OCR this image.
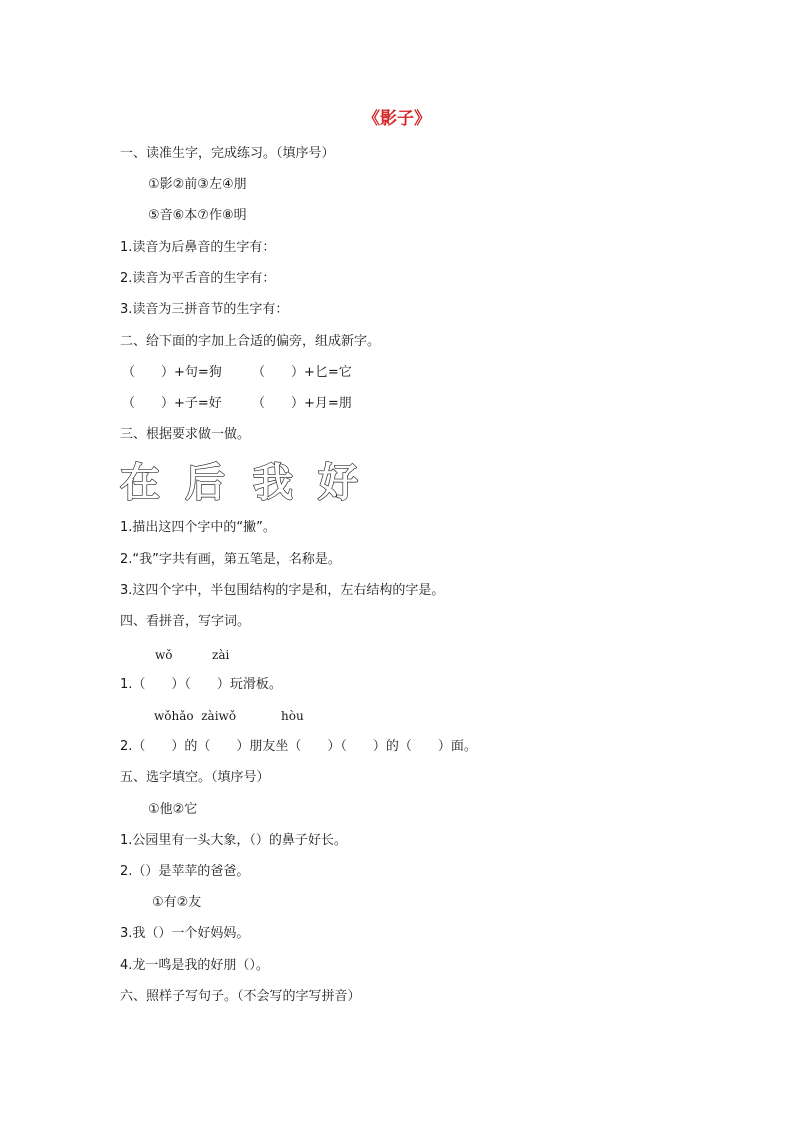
《影子》
一、读准生字，完成练习。（填序号）
①影②前③左④朋
⑤音⑥本⑦作⑧明
1.读音为后鼻音的生字有：
2.读音为平舌音的生字有：
3.读音为三拼音节的生字有：
二、给下面的字加上合适的偏旁，组成新字。
（　　）+句=狗 （　　）+匕=它
（　　）+子=好 （　　）+月=朋
三、根据要求做一做。
在 后 我 好
1.描出这四个字中的“撇”。
2.“我”字共有画，第五笔是，名称是。
3.这四个字中，半包围结构的字是和，左右结构的字是。
四、看拼音，写字词。
wǒ	zài
1.（　　）（　　）玩滑板。
wǒhǎo  zàiwǒ	hòu
2.（　　）的（　　）朋友坐（　　）（　　）的（　　）面。
五、选字填空。（填序号）
①他②它
1.公园里有一头大象，（）的鼻子好长。
2.（）是苹苹的爸爸。
①有②友
3.我（）一个好妈妈。
4.龙一鸣是我的好朋（）。
六、照样子写句子。（不会写的字写拼音）
